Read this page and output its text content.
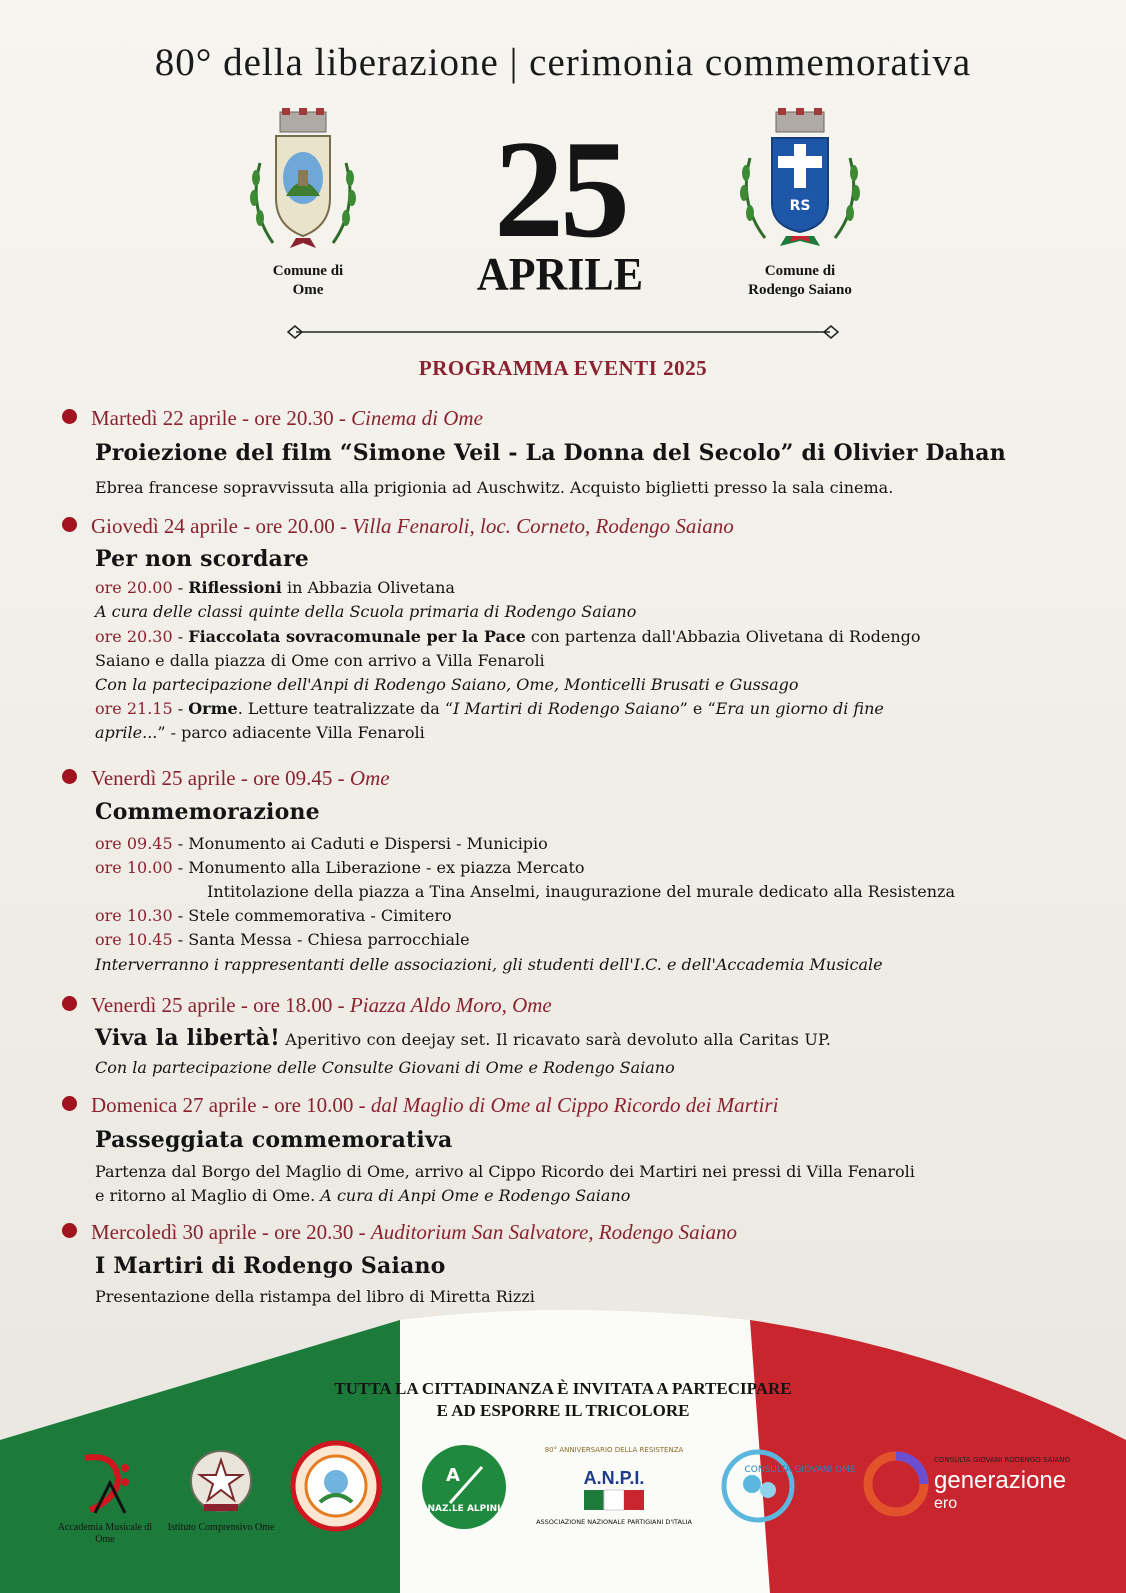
80° della liberazione | cerimonia commemorativa
Comune di
Ome
25
APRILE
RS
Comune di
Rodengo Saiano
PROGRAMMA EVENTI 2025
Martedì 22 aprile - ore 20.30 - Cinema di Ome
Proiezione del film “Simone Veil - La Donna del Secolo” di Olivier Dahan
Ebrea francese sopravvissuta alla prigionia ad Auschwitz. Acquisto biglietti presso la sala cinema.
Giovedì 24 aprile - ore 20.00 - Villa Fenaroli, loc. Corneto, Rodengo Saiano
Per non scordare
ore 20.00 - Riflessioni in Abbazia Olivetana
A cura delle classi quinte della Scuola primaria di Rodengo Saiano
ore 20.30 - Fiaccolata sovracomunale per la Pace con partenza dall'Abbazia Olivetana di Rodengo
Saiano e dalla piazza di Ome con arrivo a Villa Fenaroli
Con la partecipazione dell'Anpi di Rodengo Saiano, Ome, Monticelli Brusati e Gussago
ore 21.15 - Orme. Letture teatralizzate da “I Martiri di Rodengo Saiano” e “Era un giorno di fine
aprile...” - parco adiacente Villa Fenaroli
Venerdì 25 aprile - ore 09.45 - Ome
Commemorazione
ore 09.45 - Monumento ai Caduti e Dispersi - Municipio
ore 10.00 - Monumento alla Liberazione - ex piazza Mercato
Intitolazione della piazza a Tina Anselmi, inaugurazione del murale dedicato alla Resistenza
ore 10.30 - Stele commemorativa - Cimitero
ore 10.45 - Santa Messa - Chiesa parrocchiale
Interverranno i rappresentanti delle associazioni, gli studenti dell'I.C. e dell'Accademia Musicale
Venerdì 25 aprile - ore 18.00 - Piazza Aldo Moro, Ome
Viva la libertà! Aperitivo con deejay set. Il ricavato sarà devoluto alla Caritas UP.
Con la partecipazione delle Consulte Giovani di Ome e Rodengo Saiano
Domenica 27 aprile - ore 10.00 - dal Maglio di Ome al Cippo Ricordo dei Martiri
Passeggiata commemorativa
Partenza dal Borgo del Maglio di Ome, arrivo al Cippo Ricordo dei Martiri nei pressi di Villa Fenaroli
e ritorno al Maglio di Ome. A cura di Anpi Ome e Rodengo Saiano
Mercoledì 30 aprile - ore 20.30 - Auditorium San Salvatore, Rodengo Saiano
I Martiri di Rodengo Saiano
Presentazione della ristampa del libro di Miretta Rizzi
TUTTA LA CITTADINANZA È INVITATA A PARTECIPARE
E AD ESPORRE IL TRICOLORE
Accademia Musicale di Ome
Istituto Comprensivo Ome
A
NAZ.LE ALPINI
80° ANNIVERSARIO DELLA RESISTENZA
A.N.P.I.
ASSOCIAZIONE NAZIONALE PARTIGIANI D'ITALIA
CONSULTA GIOVANI OME
CONSULTA GIOVANI RODENGO SAIANO
generazione
ero
